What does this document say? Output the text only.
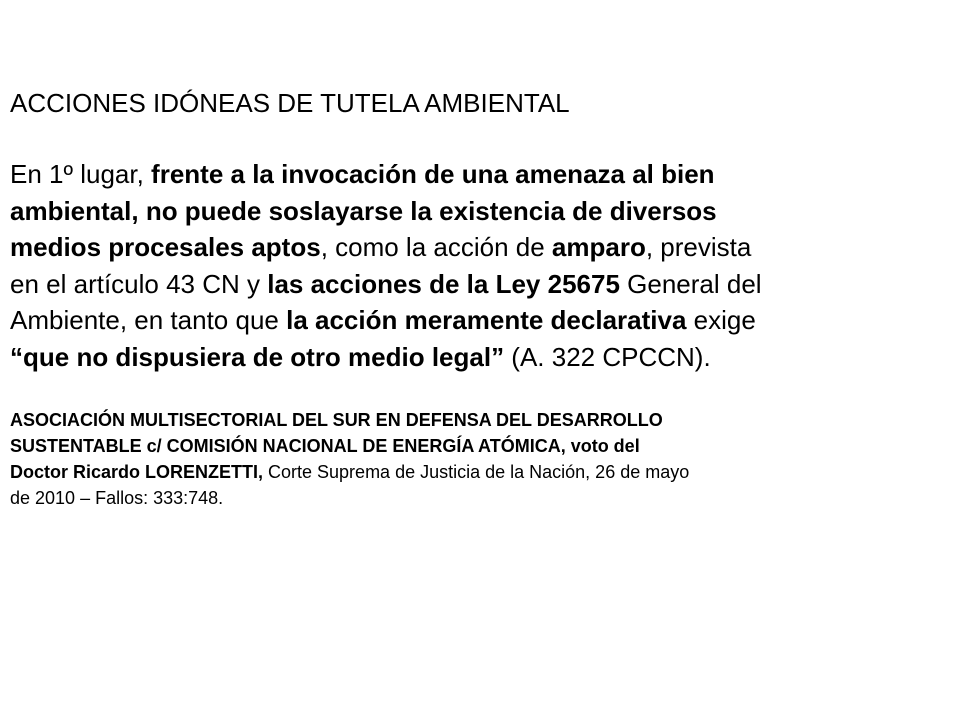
ACCIONES IDÓNEAS DE TUTELA AMBIENTAL
En 1º lugar, frente a la invocación de una amenaza al bien
ambiental, no puede soslayarse la existencia de diversos
medios procesales aptos, como la acción de amparo, prevista
en el artículo 43 CN y las acciones de la Ley 25675 General del
Ambiente, en tanto que la acción meramente declarativa exige
“que no dispusiera de otro medio legal” (A. 322 CPCCN).
ASOCIACIÓN MULTISECTORIAL DEL SUR EN DEFENSA DEL DESARROLLO
SUSTENTABLE c/ COMISIÓN NACIONAL DE ENERGÍA ATÓMICA, voto del
Doctor Ricardo LORENZETTI, Corte Suprema de Justicia de la Nación, 26 de mayo
de 2010 – Fallos: 333:748.
